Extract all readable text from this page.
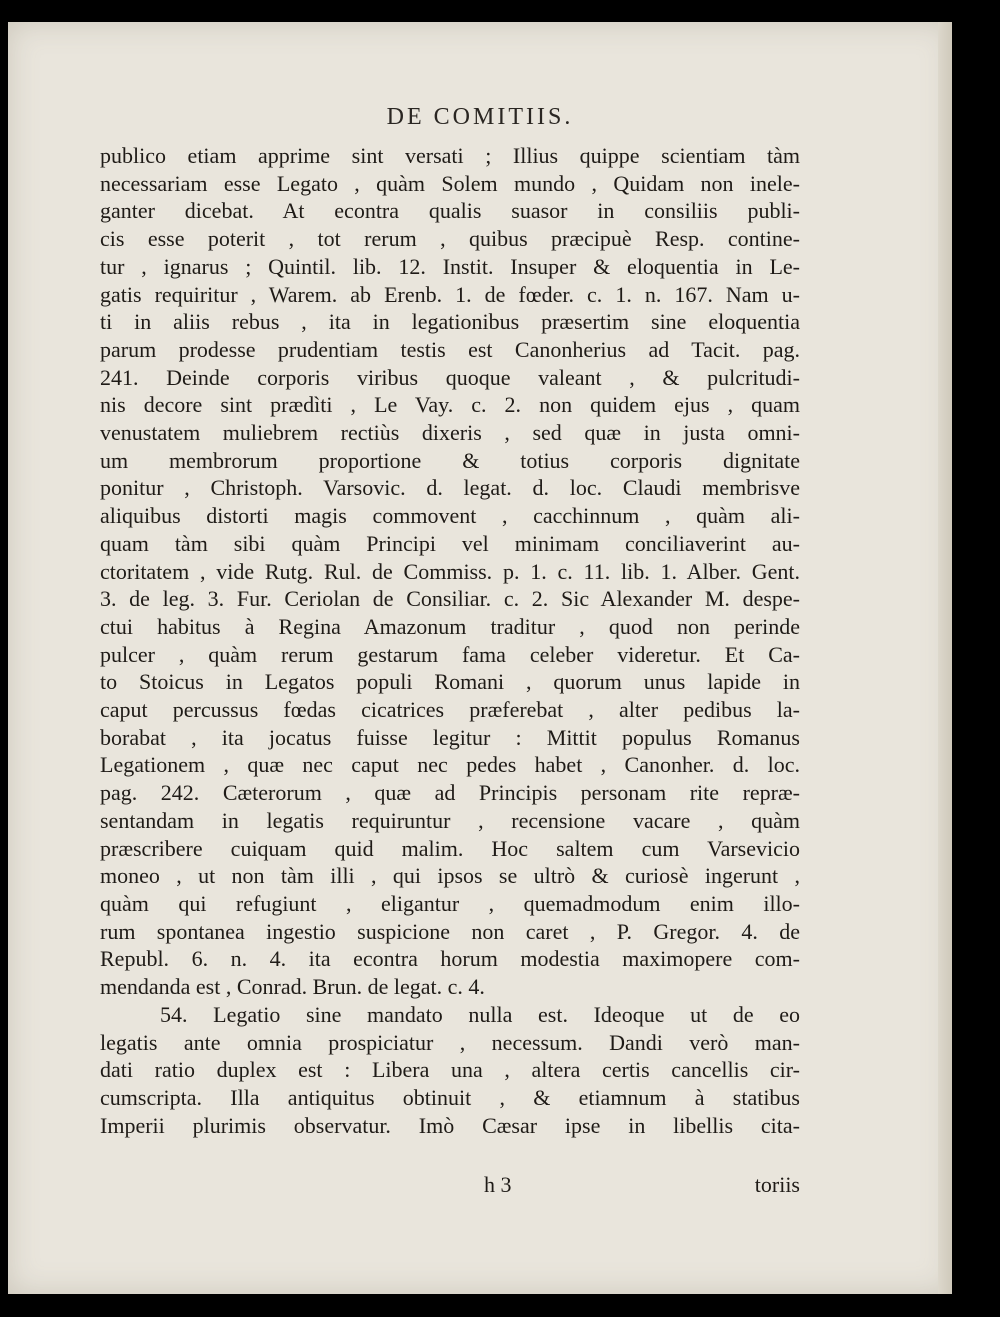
DE COMITIIS.
publico etiam apprime sint versati ; Illius quippe scientiam tàm
necessariam esse Legato , quàm Solem mundo , Quidam non inele-
ganter dicebat. At econtra qualis suasor in consiliis publi-
cis esse poterit , tot rerum , quibus præcipuè Resp. contine-
tur , ignarus ; Quintil. lib. 12. Instit. Insuper & eloquentia in Le-
gatis requiritur , Warem. ab Erenb. 1. de fœder. c. 1. n. 167. Nam u-
ti in aliis rebus , ita in legationibus præsertim sine eloquentia
parum prodesse prudentiam testis est Canonherius ad Tacit. pag.
241. Deinde corporis viribus quoque valeant , & pulcritudi-
nis decore sint prædìti , Le Vay. c. 2. non quidem ejus , quam
venustatem muliebrem rectiùs dixeris , sed quæ in justa omni-
um membrorum proportione & totius corporis dignitate
ponitur , Christoph. Varsovic. d. legat. d. loc. Claudi membrisve
aliquibus distorti magis commovent , cacchinnum , quàm ali-
quam tàm sibi quàm Principi vel minimam conciliaverint au-
ctoritatem , vide Rutg. Rul. de Commiss. p. 1. c. 11. lib. 1. Alber. Gent.
3. de leg. 3. Fur. Ceriolan de Consiliar. c. 2. Sic Alexander M. despe-
ctui habitus à Regina Amazonum traditur , quod non perinde
pulcer , quàm rerum gestarum fama celeber videretur. Et Ca-
to Stoicus in Legatos populi Romani , quorum unus lapide in
caput percussus fœdas cicatrices præferebat , alter pedibus la-
borabat , ita jocatus fuisse legitur : Mittit populus Romanus
Legationem , quæ nec caput nec pedes habet , Canonher. d. loc.
pag. 242. Cæterorum , quæ ad Principis personam rite repræ-
sentandam in legatis requiruntur , recensione vacare , quàm
præscribere cuiquam quid malim. Hoc saltem cum Varsevicio
moneo , ut non tàm illi , qui ipsos se ultrò & curiosè ingerunt ,
quàm qui refugiunt , eligantur , quemadmodum enim illo-
rum spontanea ingestio suspicione non caret , P. Gregor. 4. de
Republ. 6. n. 4. ita econtra horum modestia maximopere com-
mendanda est , Conrad. Brun. de legat. c. 4.
54. Legatio sine mandato nulla est. Ideoque ut de eo
legatis ante omnia prospiciatur , necessum. Dandi verò man-
dati ratio duplex est : Libera una , altera certis cancellis cir-
cumscripta. Illa antiquitus obtinuit , & etiamnum à statibus
Imperii plurimis observatur. Imò Cæsar ipse in libellis cita-
h 3	toriis
